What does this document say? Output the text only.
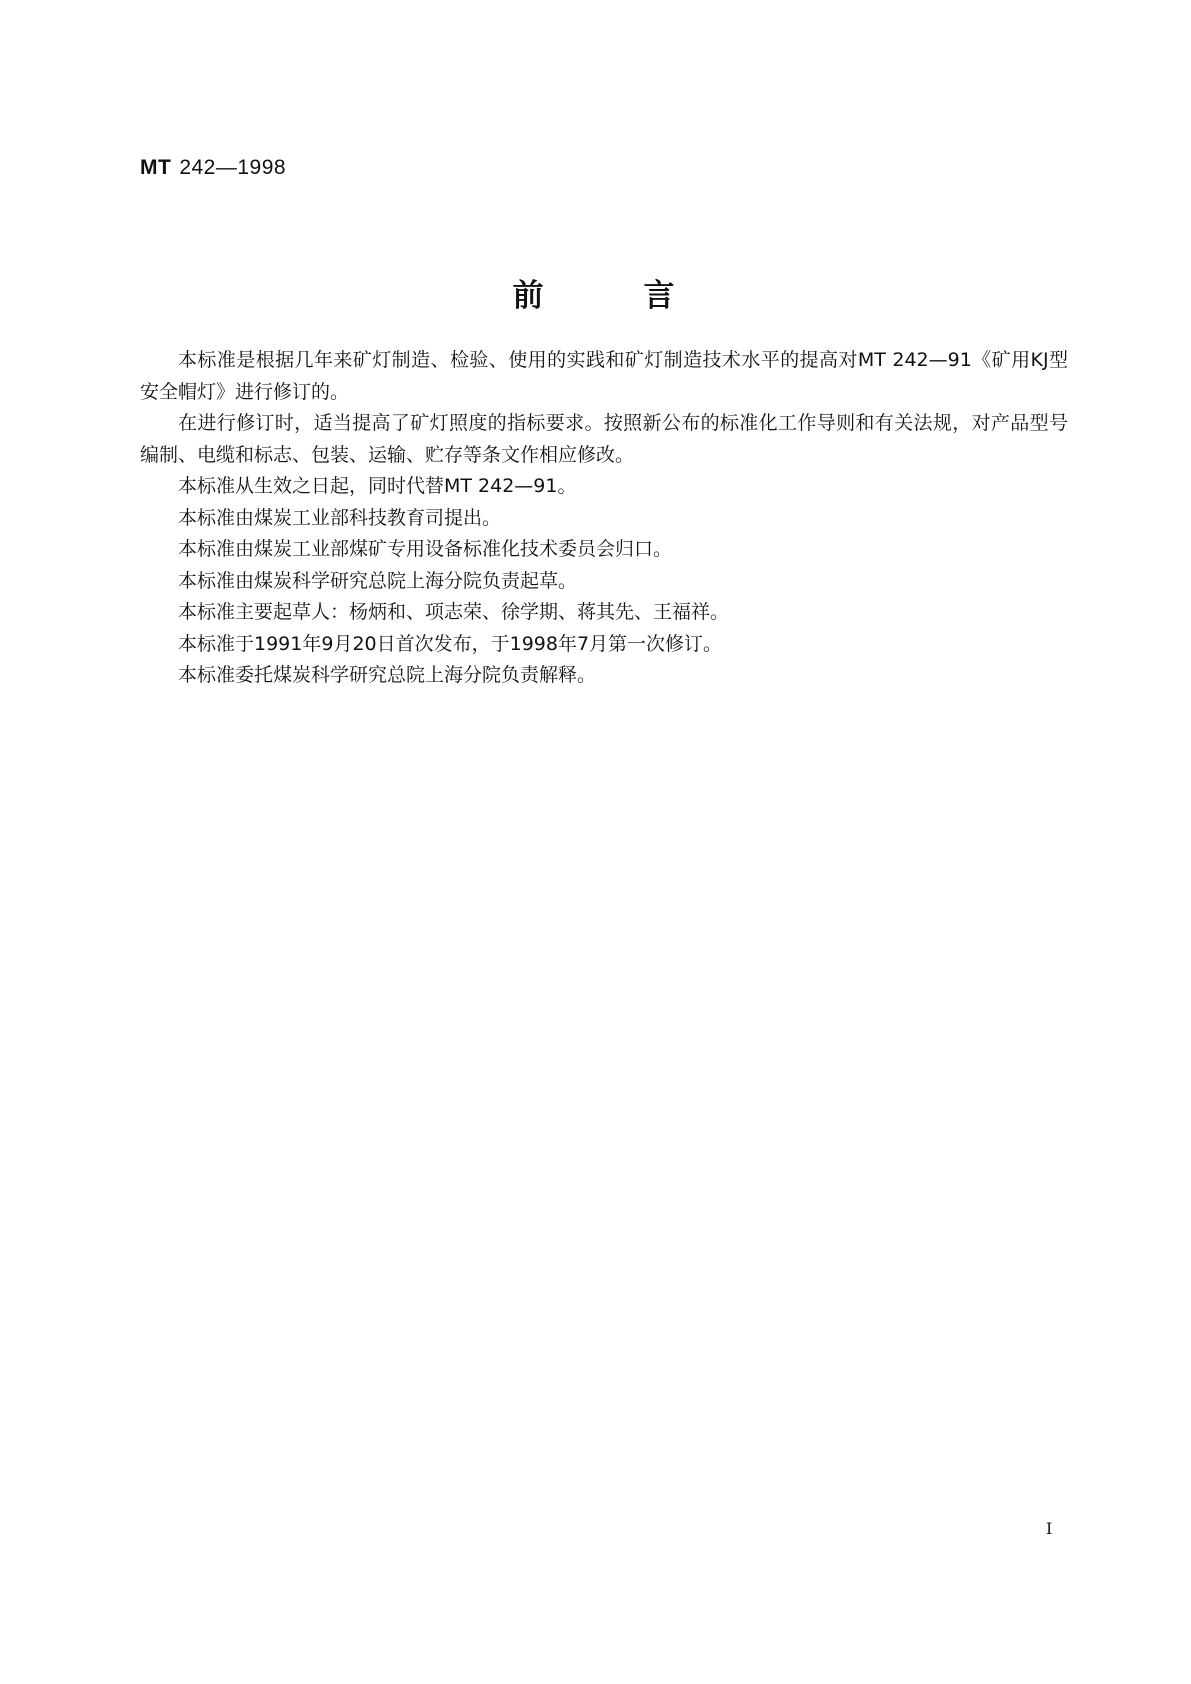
MT 242—1998
前	言

本标准是根据几年来矿灯制造、检验、使用的实践和矿灯制造技术水平的提高对MT 242—91《矿用KJ型安全帽灯》进行修订的。

在进行修订时，适当提高了矿灯照度的指标要求。按照新公布的标准化工作导则和有关法规，对产品型号编制、电缆和标志、包装、运输、贮存等条文作相应修改。

本标准从生效之日起，同时代替MT 242—91。

本标准由煤炭工业部科技教育司提出。

本标准由煤炭工业部煤矿专用设备标准化技术委员会归口。

本标准由煤炭科学研究总院上海分院负责起草。

本标准主要起草人：杨炳和、项志荣、徐学期、蒋其先、王福祥。

本标准于1991年9月20日首次发布，于1998年7月第一次修订。

本标准委托煤炭科学研究总院上海分院负责解释。

I
